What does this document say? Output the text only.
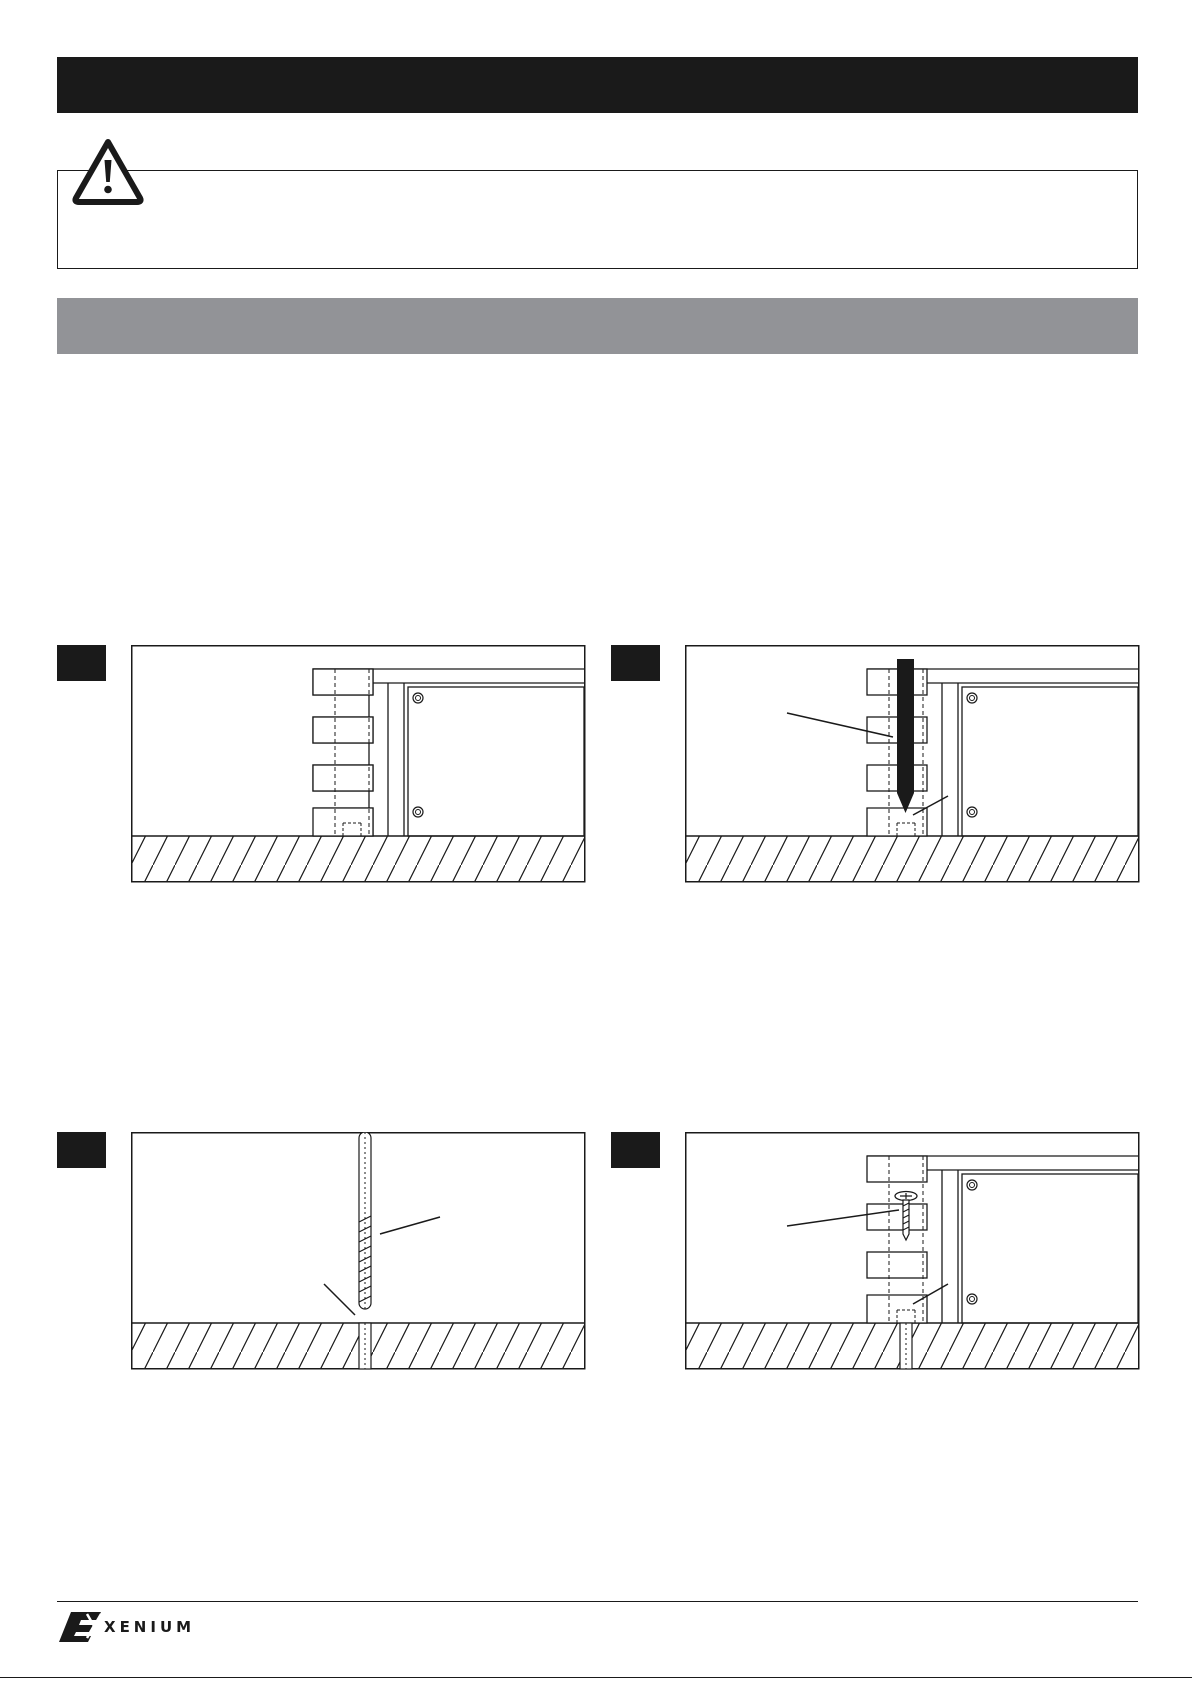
XENIUM
